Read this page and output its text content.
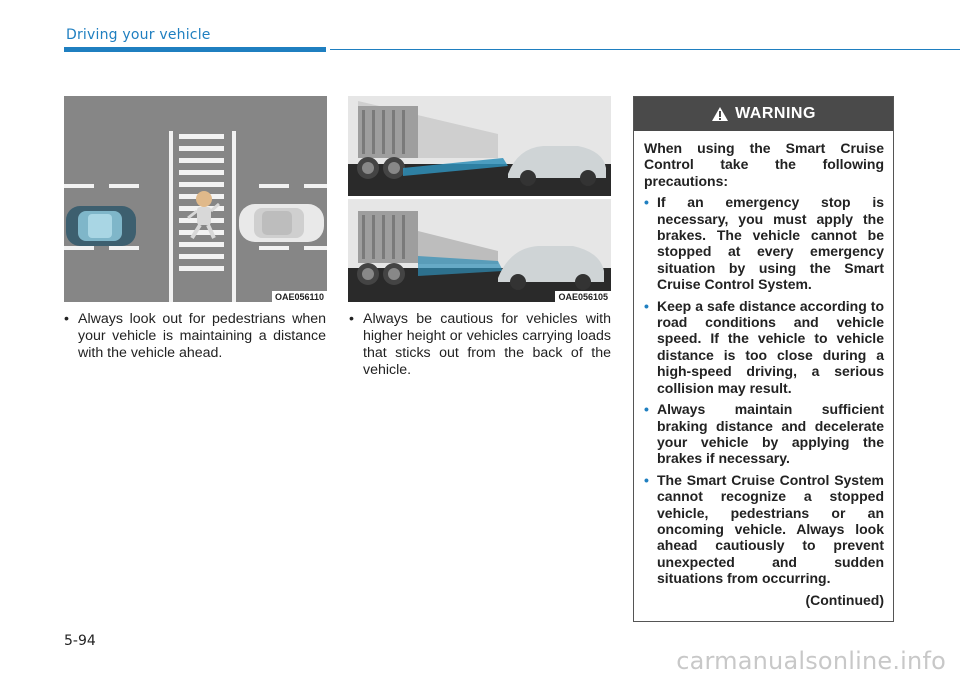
Driving your vehicle
OAE056110	OAE056105
• Always look out for pedestrians when your vehicle is maintaining a distance with the vehicle ahead.
• Always be cautious for vehicles with higher height or vehicles carrying loads that sticks out from the back of the vehicle.
WARNING
When using the Smart Cruise Control take the following precautions:
• If an emergency stop is necessary, you must apply the brakes. The vehicle cannot be stopped at every emergency situation by using the Smart Cruise Control System.
• Keep a safe distance according to road conditions and vehicle speed. If the vehicle to vehicle distance is too close during a high-speed driving, a serious collision may result.
• Always maintain sufficient braking distance and decelerate your vehicle by applying the brakes if necessary.
• The Smart Cruise Control System cannot recognize a stopped vehicle, pedestrians or an oncoming vehicle. Always look ahead cautiously to prevent unexpected and sudden situations from occurring.
(Continued)
5-94
carmanualsonline.info
